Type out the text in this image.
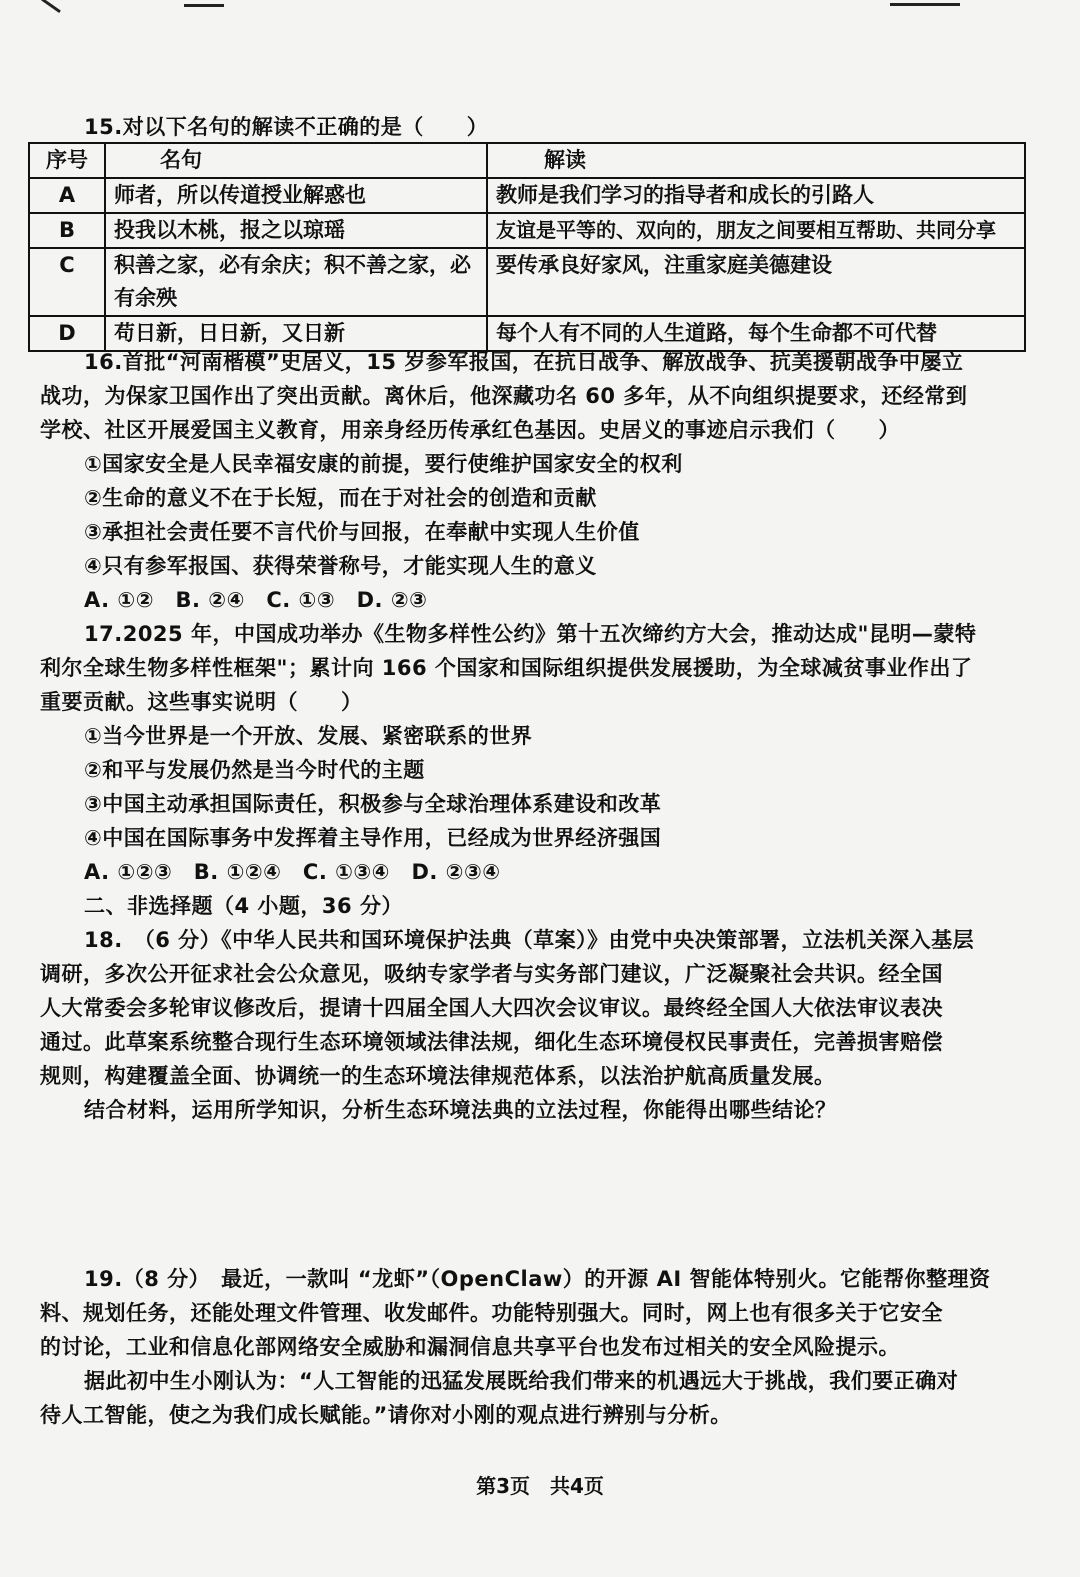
15.对以下名句的解读不正确的是（　　）
序号	名句	解读
A	师者，所以传道授业解惑也	教师是我们学习的指导者和成长的引路人
B	投我以木桃，报之以琼瑶	友谊是平等的、双向的，朋友之间要相互帮助、共同分享
C	积善之家，必有余庆；积不善之家，必有余殃	要传承良好家风，注重家庭美德建设
D	苟日新，日日新，又日新	每个人有不同的人生道路，每个生命都不可代替
16.首批“河南楷模”史居义，15 岁参军报国，在抗日战争、解放战争、抗美援朝战争中屡立
战功，为保家卫国作出了突出贡献。离休后，他深藏功名 60 多年，从不向组织提要求，还经常到
学校、社区开展爱国主义教育，用亲身经历传承红色基因。史居义的事迹启示我们（　　）
①国家安全是人民幸福安康的前提，要行使维护国家安全的权利
②生命的意义不在于长短，而在于对社会的创造和贡献
③承担社会责任要不言代价与回报，在奉献中实现人生价值
④只有参军报国、获得荣誉称号，才能实现人生的意义
A. ①②　B. ②④　C. ①③　D. ②③
17.2025 年，中国成功举办《生物多样性公约》第十五次缔约方大会，推动达成"昆明—蒙特
利尔全球生物多样性框架"；累计向 166 个国家和国际组织提供发展援助，为全球减贫事业作出了
重要贡献。这些事实说明（　　）
①当今世界是一个开放、发展、紧密联系的世界
②和平与发展仍然是当今时代的主题
③中国主动承担国际责任，积极参与全球治理体系建设和改革
④中国在国际事务中发挥着主导作用，已经成为世界经济强国
A. ①②③　B. ①②④　C. ①③④　D. ②③④
二、非选择题（4 小题，36 分）
18.　（6 分）《中华人民共和国环境保护法典（草案）》由党中央决策部署，立法机关深入基层
调研，多次公开征求社会公众意见，吸纳专家学者与实务部门建议，广泛凝聚社会共识。经全国
人大常委会多轮审议修改后，提请十四届全国人大四次会议审议。最终经全国人大依法审议表决
通过。此草案系统整合现行生态环境领域法律法规，细化生态环境侵权民事责任，完善损害赔偿
规则，构建覆盖全面、协调统一的生态环境法律规范体系，以法治护航高质量发展。
结合材料，运用所学知识，分析生态环境法典的立法过程，你能得出哪些结论？
19.（8 分）　最近，一款叫 “龙虾”（OpenClaw）的开源 AI 智能体特别火。它能帮你整理资
料、规划任务，还能处理文件管理、收发邮件。功能特别强大。同时，网上也有很多关于它安全
的讨论，工业和信息化部网络安全威胁和漏洞信息共享平台也发布过相关的安全风险提示。
据此初中生小刚认为：“人工智能的迅猛发展既给我们带来的机遇远大于挑战，我们要正确对
待人工智能，使之为我们成长赋能。”请你对小刚的观点进行辨别与分析。
第3页　共4页
